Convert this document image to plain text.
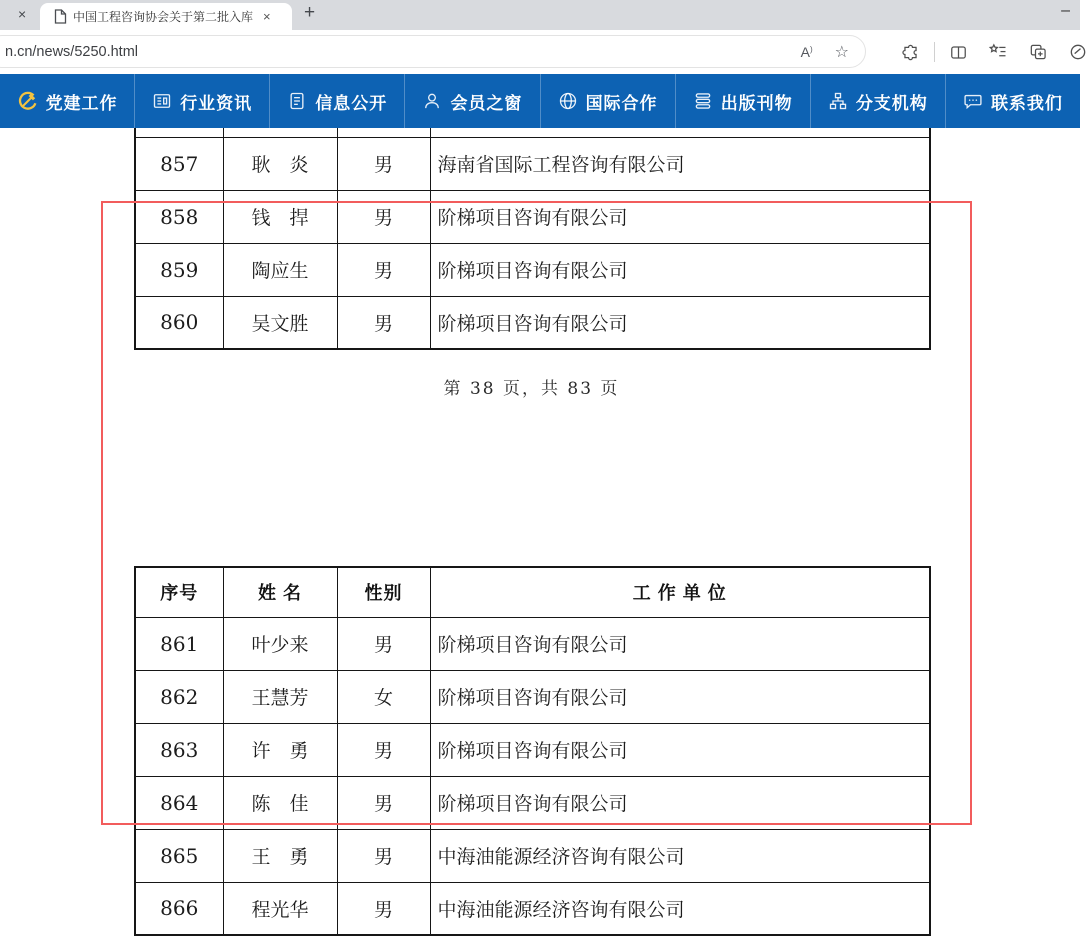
×	中国工程咨询协会关于第二批入库 × +	–
n.cn/news/5250.html	A) ☆
党建工作	行业资讯	信息公开	会员之窗	国际合作	出版刊物	分支机构	联系我们

857	耿　炎	男	海南省国际工程咨询有限公司
858	钱　捍	男	阶梯项目咨询有限公司
859	陶应生	男	阶梯项目咨询有限公司
860	吴文胜	男	阶梯项目咨询有限公司
第 38 页，共 83 页
序号	姓 名	性别	工 作 单 位
861	叶少来	男	阶梯项目咨询有限公司
862	王慧芳	女	阶梯项目咨询有限公司
863	许　勇	男	阶梯项目咨询有限公司
864	陈　佳	男	阶梯项目咨询有限公司
865	王　勇	男	中海油能源经济咨询有限公司
866	程光华	男	中海油能源经济咨询有限公司
